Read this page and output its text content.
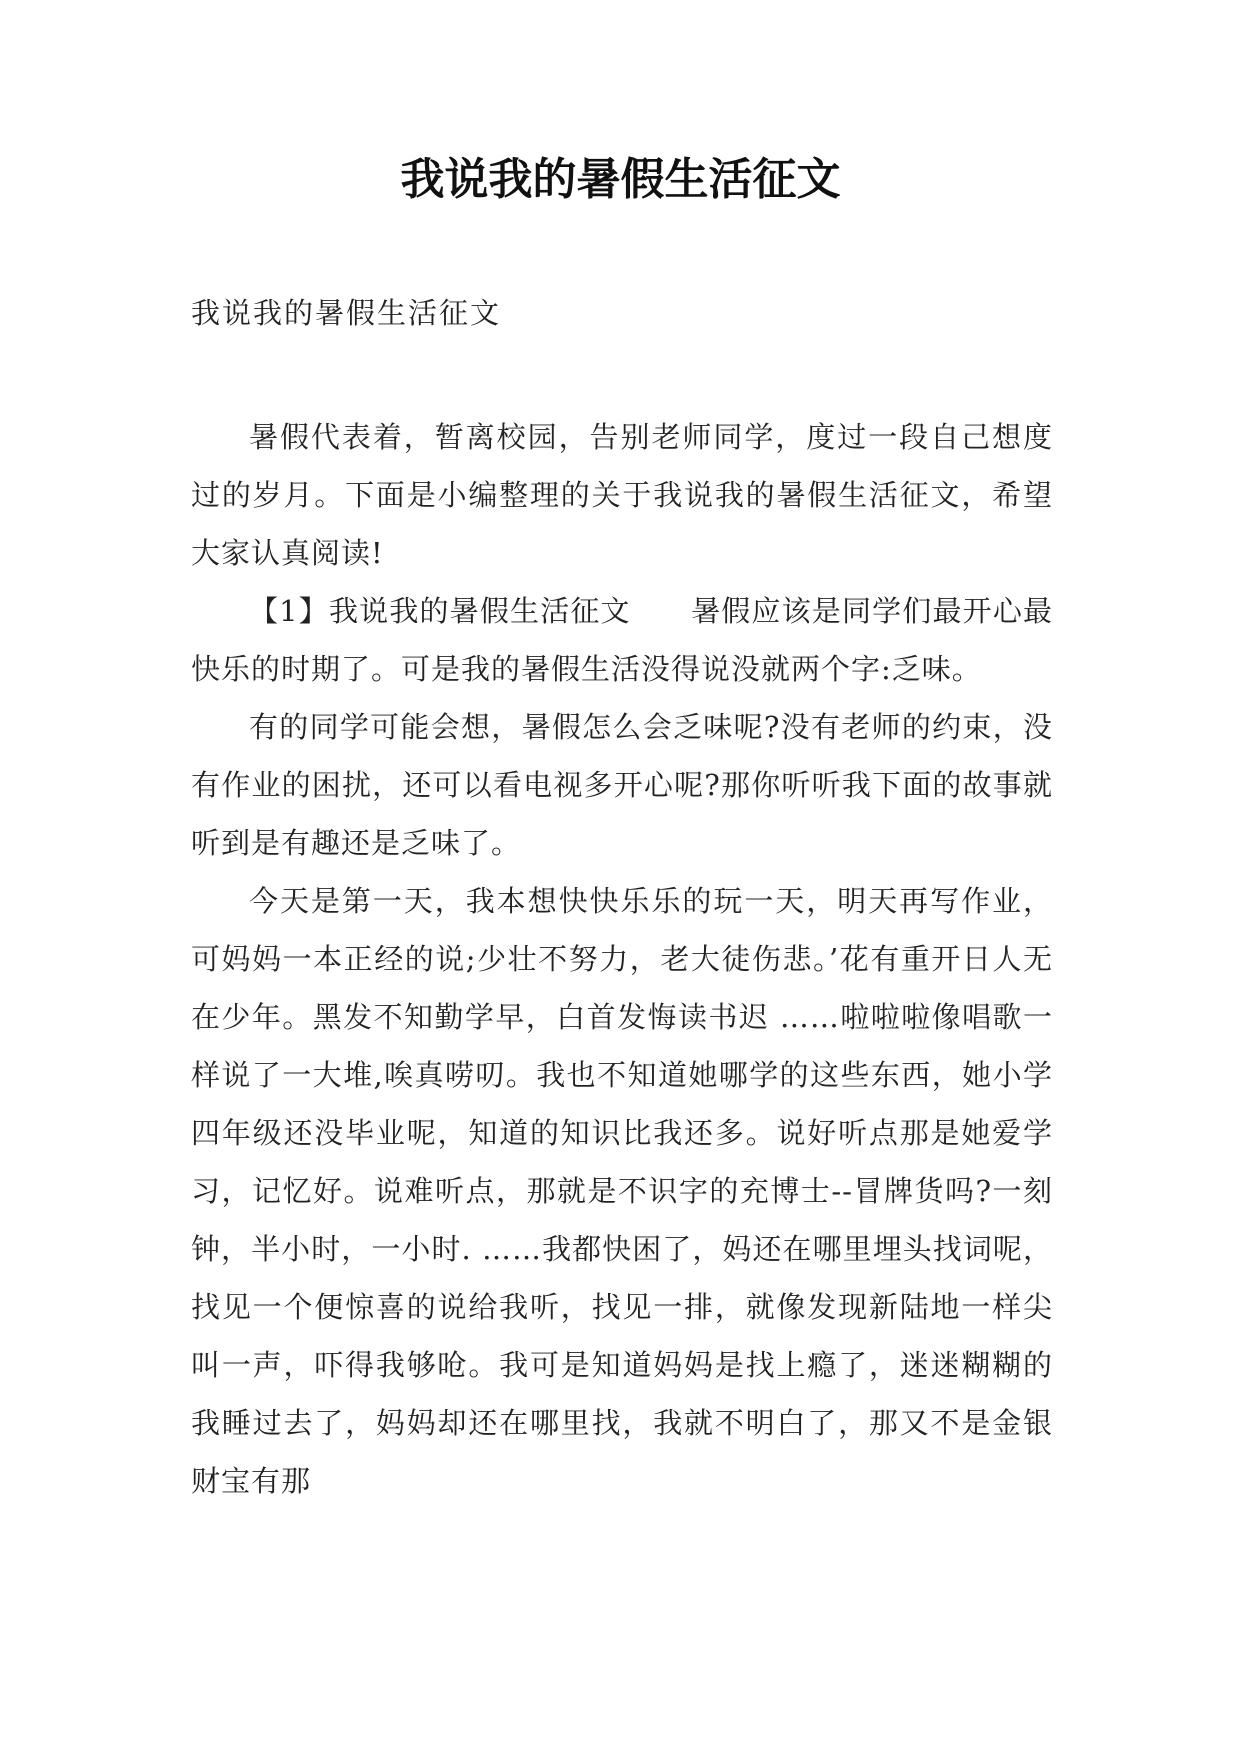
我说我的暑假生活征文
我说我的暑假生活征文

暑假代表着，暂离校园，告别老师同学，度过一段自己想度过的岁月。下面是小编整理的关于我说我的暑假生活征文，希望大家认真阅读!

【1】我说我的暑假生活征文　　暑假应该是同学们最开心最快乐的时期了。可是我的暑假生活没得说没就两个字:乏味。

有的同学可能会想，暑假怎么会乏味呢?没有老师的约束，没有作业的困扰，还可以看电视多开心呢?那你听听我下面的故事就听到是有趣还是乏味了。

今天是第一天，我本想快快乐乐的玩一天，明天再写作业，可妈妈一本正经的说;少壮不努力，老大徒伤悲。’花有重开日人无在少年。黑发不知勤学早，白首发悔读书迟 ……啦啦啦像唱歌一样说了一大堆,唉真唠叨。我也不知道她哪学的这些东西，她小学四年级还没毕业呢，知道的知识比我还多。说好听点那是她爱学习，记忆好。说难听点，那就是不识字的充博士--冒牌货吗?一刻钟，半小时，一小时. ……我都快困了，妈还在哪里埋头找词呢，找见一个便惊喜的说给我听，找见一排，就像发现新陆地一样尖叫一声，吓得我够呛。我可是知道妈妈是找上瘾了，迷迷糊糊的我睡过去了，妈妈却还在哪里找，我就不明白了，那又不是金银财宝有那
